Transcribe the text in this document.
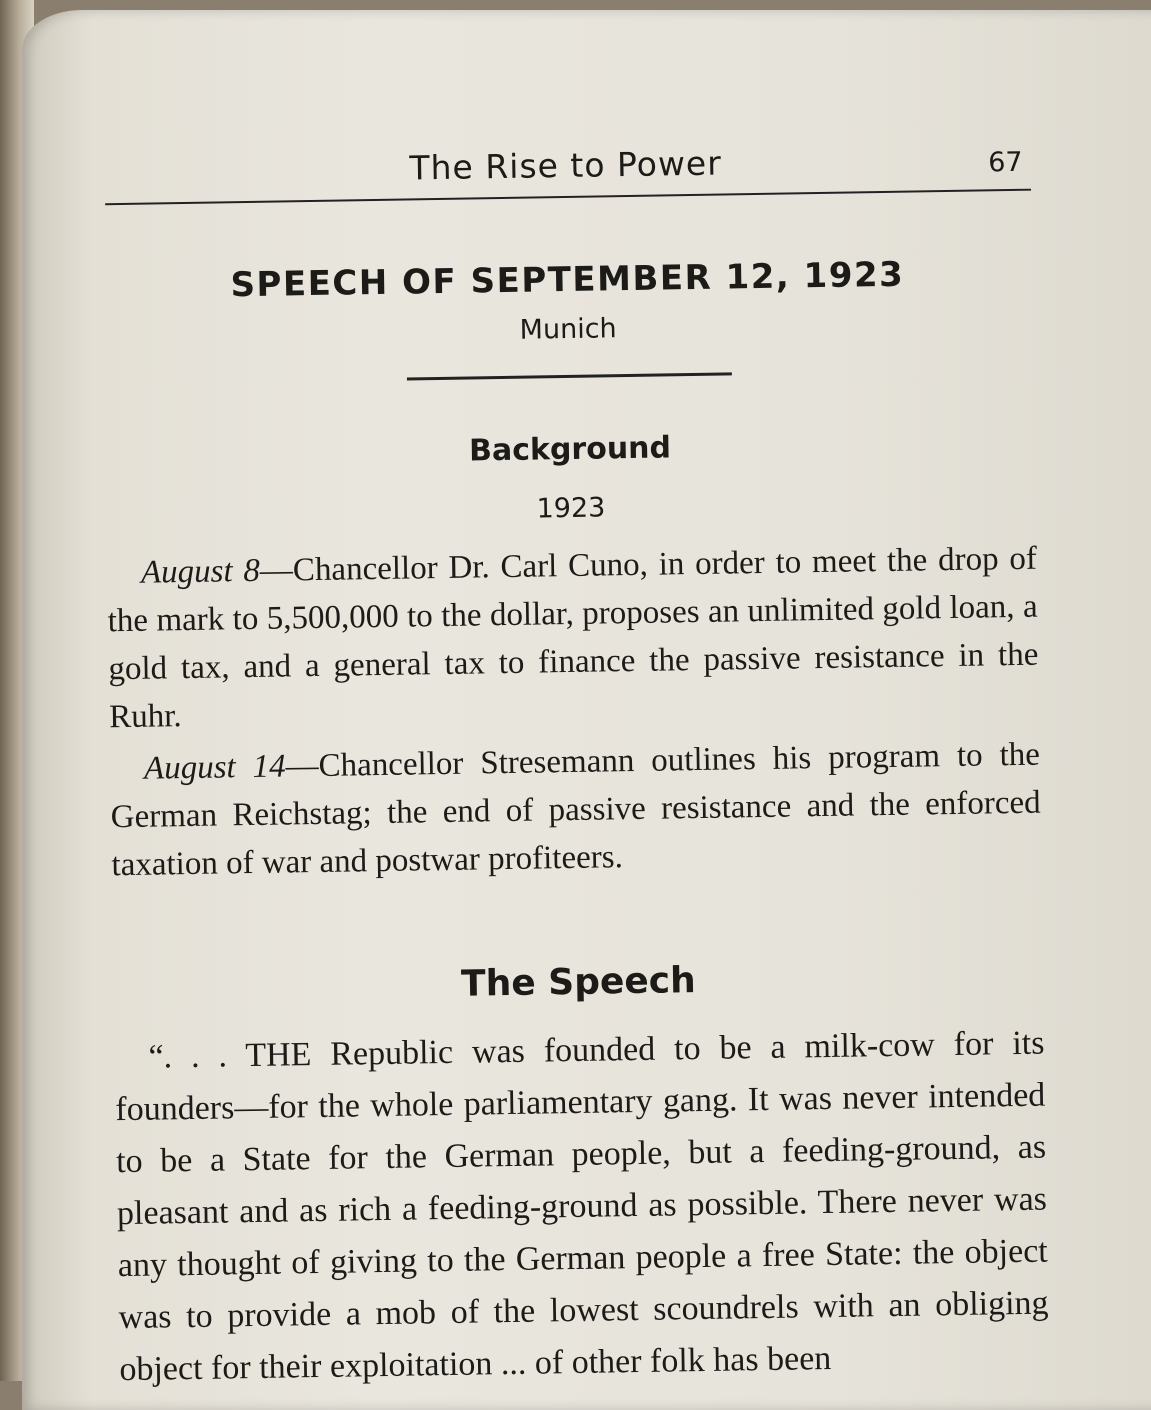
The Rise to Power	67
SPEECH OF SEPTEMBER 12, 1923
Munich
Background
1923

August 8—Chancellor Dr. Carl Cuno, in order to meet the drop of the mark to 5,500,000 to the dollar, proposes an unlimited gold loan, a gold tax, and a general tax to finance the passive resistance in the Ruhr.

August 14—Chancellor Stresemann outlines his program to the German Reichstag; the end of passive resistance and the enforced taxation of war and postwar profiteers.

The Speech

“. . . THE Republic was founded to be a milk-cow for its founders—for the whole parliamentary gang. It was never intended to be a State for the German people, but a feeding-ground, as pleasant and as rich a feeding-ground as possible. There never was any thought of giving to the German people a free State: the object was to provide a mob of the lowest scoundrels with an obliging object for their exploitation ... of other folk has been
